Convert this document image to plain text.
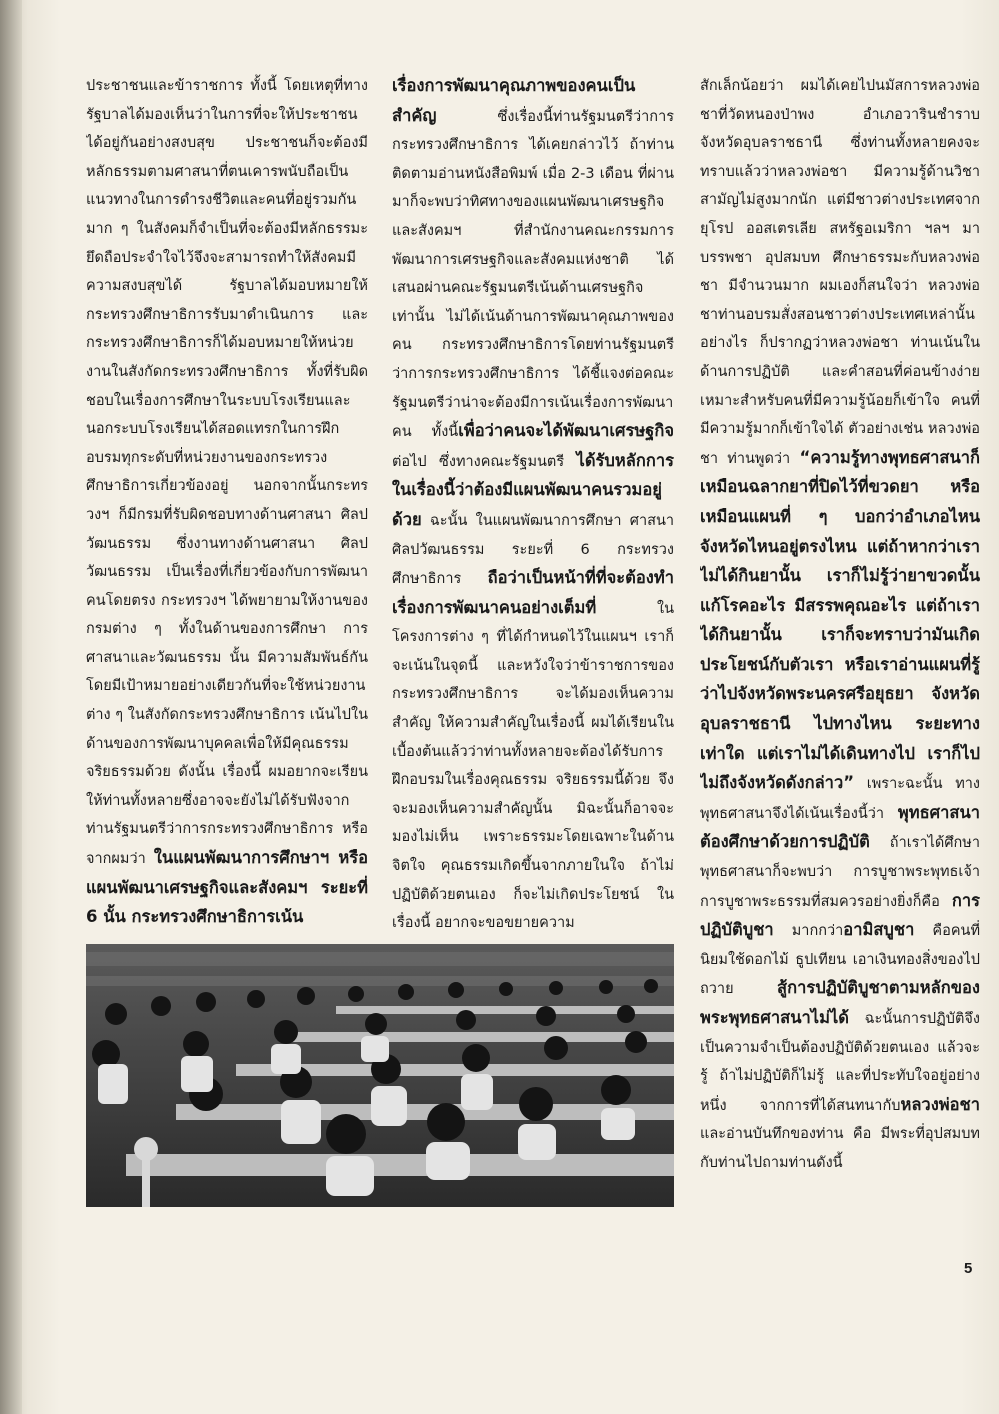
ประชาชนและข้าราชการ ทั้งนี้ โดยเหตุที่ทางรัฐบาลได้มองเห็นว่าในการที่จะให้ประชาชนได้อยู่กันอย่างสงบสุข ประชาชนก็จะต้องมีหลักธรรมตามศาสนาที่ตนเคารพนับถือเป็นแนวทางในการดำรงชีวิตและคนที่อยู่รวมกันมาก ๆ ในสังคมก็จำเป็นที่จะต้องมีหลักธรรมะยึดถือประจำใจไว้จึงจะสามารถทำให้สังคมมีความสงบสุขได้ รัฐบาลได้มอบหมายให้กระทรวงศึกษาธิการรับมาดำเนินการ และกระทรวงศึกษาธิการก็ได้มอบหมายให้หน่วยงานในสังกัดกระทรวงศึกษาธิการ ทั้งที่รับผิดชอบในเรื่องการศึกษาในระบบโรงเรียนและนอกระบบโรงเรียนได้สอดแทรกในการฝึกอบรมทุกระดับที่หน่วยงานของกระทรวงศึกษาธิการเกี่ยวข้องอยู่ นอกจากนั้นกระทรวงฯ ก็มีกรมที่รับผิดชอบทางด้านศาสนา ศิลปวัฒนธรรม ซึ่งงานทางด้านศาสนา ศิลป วัฒนธรรม เป็นเรื่องที่เกี่ยวข้องกับการพัฒนาคนโดยตรง กระทรวงฯ ได้พยายามให้งานของกรมต่าง ๆ ทั้งในด้านของการศึกษา การศาสนาและวัฒนธรรม นั้น มีความสัมพันธ์กันโดยมีเป้าหมายอย่างเดียวกันที่จะใช้หน่วยงานต่าง ๆ ในสังกัดกระทรวงศึกษาธิการ เน้นไปในด้านของการพัฒนาบุคคลเพื่อให้มีคุณธรรม จริยธรรมด้วย ดังนั้น เรื่องนี้ ผมอยากจะเรียนให้ท่านทั้งหลายซึ่งอาจจะยังไม่ได้รับฟังจากท่านรัฐมนตรีว่าการกระทรวงศึกษาธิการ หรือจากผมว่า ในแผนพัฒนาการศึกษาฯ หรือแผนพัฒนาเศรษฐกิจและสังคมฯ ระยะที่ 6 นั้น กระทรวงศึกษาธิการเน้น

เรื่องการพัฒนาคุณภาพของคนเป็นสำคัญ ซึ่งเรื่องนี้ท่านรัฐมนตรีว่าการกระทรวงศึกษาธิการ ได้เคยกล่าวไว้ ถ้าท่านติดตามอ่านหนังสือพิมพ์ เมื่อ 2-3 เดือน ที่ผ่านมาก็จะพบว่าทิศทางของแผนพัฒนาเศรษฐกิจและสังคมฯ ที่สำนักงานคณะกรรมการพัฒนาการเศรษฐกิจและสังคมแห่งชาติ ได้เสนอผ่านคณะรัฐมนตรีเน้นด้านเศรษฐกิจเท่านั้น ไม่ได้เน้นด้านการพัฒนาคุณภาพของคน กระทรวงศึกษาธิการโดยท่านรัฐมนตรีว่าการกระทรวงศึกษาธิการ ได้ชี้แจงต่อคณะรัฐมนตรีว่าน่าจะต้องมีการเน้นเรื่องการพัฒนาคน ทั้งนี้เพื่อว่าคนจะได้พัฒนาเศรษฐกิจ ต่อไป ซึ่งทางคณะรัฐมนตรี ได้รับหลักการในเรื่องนี้ว่าต้องมีแผนพัฒนาคนรวมอยู่ด้วย ฉะนั้น ในแผนพัฒนาการศึกษา ศาสนา ศิลปวัฒนธรรม ระยะที่ 6 กระทรวงศึกษาธิการ ถือว่าเป็นหน้าที่ที่จะต้องทำเรื่องการพัฒนาคนอย่างเต็มที่ ในโครงการต่าง ๆ ที่ได้กำหนดไว้ในแผนฯ เราก็จะเน้นในจุดนี้ และหวังใจว่าข้าราชการของกระทรวงศึกษาธิการ จะได้มองเห็นความสำคัญ ให้ความสำคัญในเรื่องนี้ ผมได้เรียนในเบื้องต้นแล้วว่าท่านทั้งหลายจะต้องได้รับการฝึกอบรมในเรื่องคุณธรรม จริยธรรมนี้ด้วย จึงจะมองเห็นความสำคัญนั้น มิฉะนั้นก็อาจจะมองไม่เห็น เพราะธรรมะโดยเฉพาะในด้านจิตใจ คุณธรรมเกิดขึ้นจากภายในใจ ถ้าไม่ปฏิบัติด้วยตนเอง ก็จะไม่เกิดประโยชน์ ในเรื่องนี้ อยากจะขอขยายความ

สักเล็กน้อยว่า ผมได้เคยไปนมัสการหลวงพ่อชาที่วัดหนองป่าพง อำเภอวารินชำราบ จังหวัดอุบลราชธานี ซึ่งท่านทั้งหลายคงจะทราบแล้วว่าหลวงพ่อชา มีความรู้ด้านวิชาสามัญไม่สูงมากนัก แต่มีชาวต่างประเทศจากยุโรป ออสเตรเลีย สหรัฐอเมริกา ฯลฯ มาบรรพชา อุปสมบท ศึกษาธรรมะกับหลวงพ่อชา มีจำนวนมาก ผมเองก็สนใจว่า หลวงพ่อชาท่านอบรมสั่งสอนชาวต่างประเทศเหล่านั้นอย่างไร ก็ปรากฏว่าหลวงพ่อชา ท่านเน้นในด้านการปฏิบัติ และคำสอนที่ค่อนข้างง่ายเหมาะสำหรับคนที่มีความรู้น้อยก็เข้าใจ คนที่มีความรู้มากก็เข้าใจได้ ตัวอย่างเช่น หลวงพ่อชา ท่านพูดว่า “ความรู้ทางพุทธศาสนาก็เหมือนฉลากยาที่ปิดไว้ที่ขวดยา หรือเหมือนแผนที่ ๆ บอกว่าอำเภอไหน จังหวัดไหนอยู่ตรงไหน แต่ถ้าหากว่าเราไม่ได้กินยานั้น เราก็ไม่รู้ว่ายาขวดนั้นแก้โรคอะไร มีสรรพคุณอะไร แต่ถ้าเราได้กินยานั้น เราก็จะทราบว่ามันเกิดประโยชน์กับตัวเรา หรือเราอ่านแผนที่รู้ว่าไปจังหวัดพระนครศรีอยุธยา จังหวัดอุบลราชธานี ไปทางไหน ระยะทางเท่าใด แต่เราไม่ได้เดินทางไป เราก็ไปไม่ถึงจังหวัดดังกล่าว” เพราะฉะนั้น ทางพุทธศาสนาจึงได้เน้นเรื่องนี้ว่า พุทธศาสนาต้องศึกษาด้วยการปฏิบัติ ถ้าเราได้ศึกษาพุทธศาสนาก็จะพบว่า การบูชาพระพุทธเจ้า การบูชาพระธรรมที่สมควรอย่างยิ่งก็คือ การปฏิบัติบูชา มากกว่าอามิสบูชา คือคนที่นิยมใช้ดอกไม้ ธูปเทียน เอาเงินทองสิ่งของไปถวาย สู้การปฏิบัติบูชาตามหลักของพระพุทธศาสนาไม่ได้ ฉะนั้นการปฏิบัติจึงเป็นความจำเป็นต้องปฏิบัติด้วยตนเอง แล้วจะรู้ ถ้าไม่ปฏิบัติก็ไม่รู้ และที่ประทับใจอยู่อย่างหนึ่ง จากการที่ได้สนทนากับหลวงพ่อชา และอ่านบันทึกของท่าน คือ มีพระที่อุปสมบทกับท่านไปถามท่านดังนี้

5
